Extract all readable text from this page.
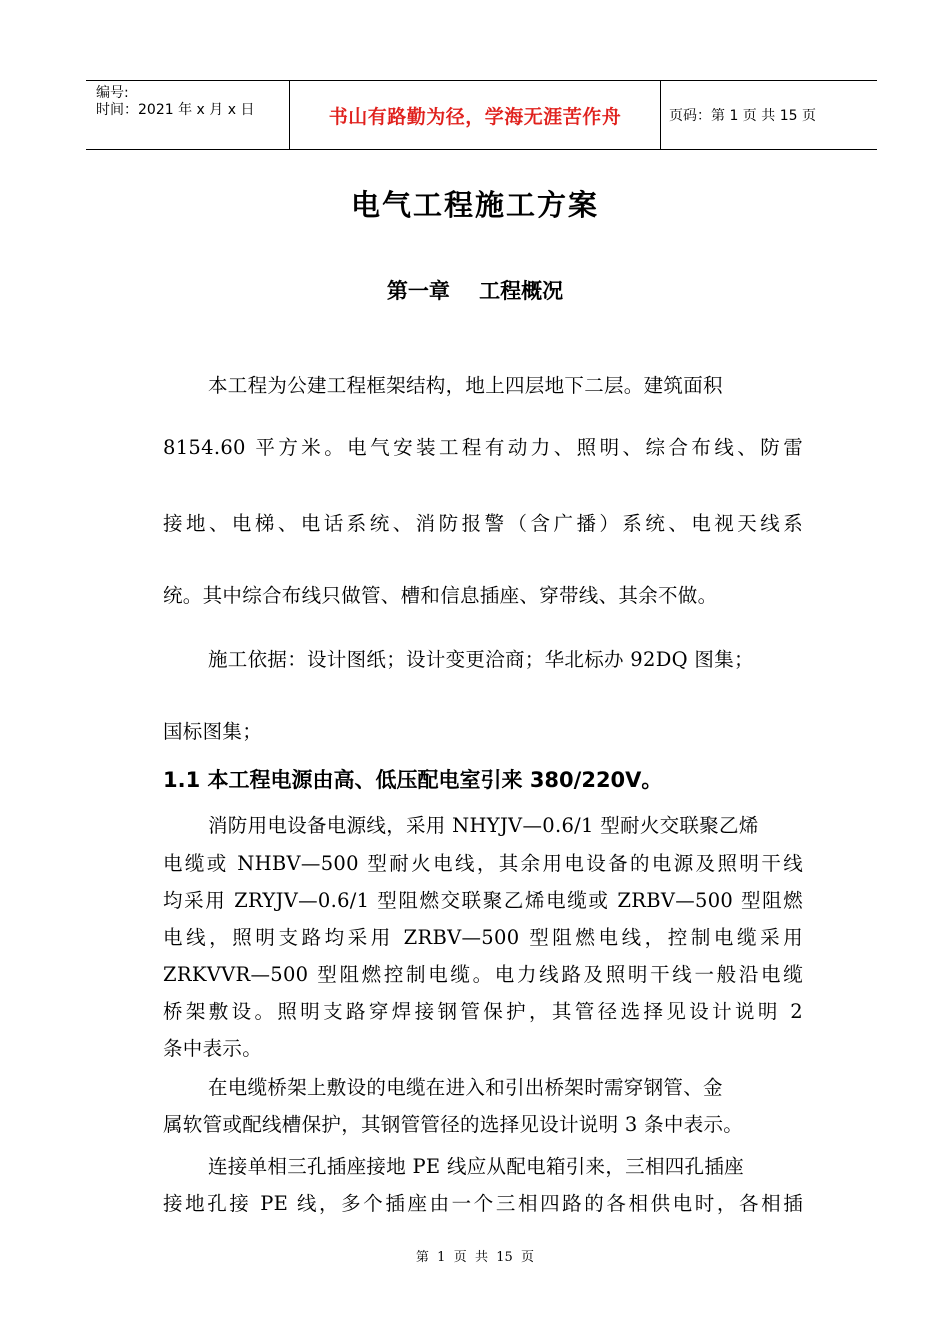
编号:
时间：2021 年 x 月 x 日	书山有路勤为径，学海无涯苦作舟	页码：第 1 页 共 15 页
电气工程施工方案
第一章    工程概况
本工程为公建工程框架结构，地上四层地下二层。建筑面积
8154.60 平方米。电气安装工程有动力、照明、综合布线、防雷
接地、电梯、电话系统、消防报警（含广播）系统、电视天线系
统。其中综合布线只做管、槽和信息插座、穿带线、其余不做。
施工依据：设计图纸；设计变更洽商；华北标办 92DQ 图集；
国标图集；
1.1 本工程电源由高、低压配电室引来 380/220V。
消防用电设备电源线，采用 NHYJV—0.6/1 型耐火交联聚乙烯
电缆或 NHBV—500 型耐火电线，其余用电设备的电源及照明干线
均采用 ZRYJV—0.6/1 型阻燃交联聚乙烯电缆或 ZRBV—500 型阻燃
电线，照明支路均采用 ZRBV—500 型阻燃电线，控制电缆采用
ZRKVVR—500 型阻燃控制电缆。电力线路及照明干线一般沿电缆
桥架敷设。照明支路穿焊接钢管保护，其管径选择见设计说明 2
条中表示。
在电缆桥架上敷设的电缆在进入和引出桥架时需穿钢管、金
属软管或配线槽保护，其钢管管径的选择见设计说明 3 条中表示。
连接单相三孔插座接地 PE 线应从配电箱引来，三相四孔插座
接地孔接 PE 线，多个插座由一个三相四路的各相供电时，各相插
第  1  页  共  15  页
